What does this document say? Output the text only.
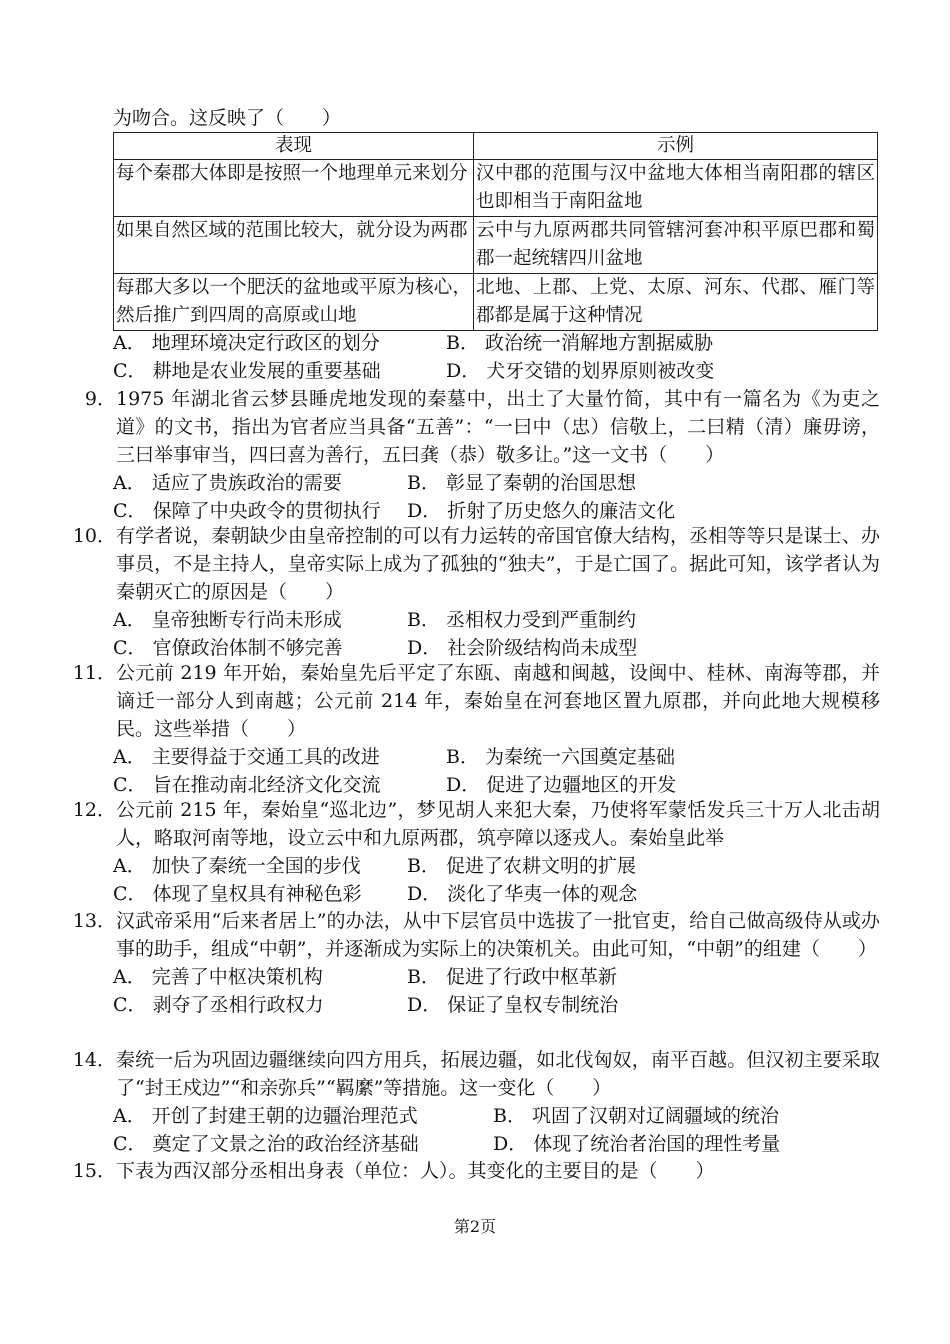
为吻合。这反映了（　　）
表现	示例
每个秦郡大体即是按照一个地理单元来划分	汉中郡的范围与汉中盆地大体相当南阳郡的辖区也即相当于南阳盆地
如果自然区域的范围比较大，就分设为两郡	云中与九原两郡共同管辖河套冲积平原巴郡和蜀郡一起统辖四川盆地
每郡大多以一个肥沃的盆地或平原为核心，然后推广到四周的高原或山地	北地、上郡、上党、太原、河东、代郡、雁门等郡都是属于这种情况
A． 地理环境决定行政区的划分	B． 政治统一消解地方割据威胁
C． 耕地是农业发展的重要基础	D． 犬牙交错的划界原则被改变
9． 1975 年湖北省云梦县睡虎地发现的秦墓中，出土了大量竹简，其中有一篇名为《为吏之道》的文书，指出为官者应当具备“五善”：“一曰中（忠）信敬上，二曰精（清）廉毋谤，三曰举事审当，四曰喜为善行，五曰龚（恭）敬多让。”这一文书（　　）
A． 适应了贵族政治的需要	B． 彰显了秦朝的治国思想
C． 保障了中央政令的贯彻执行 D． 折射了历史悠久的廉洁文化
10． 有学者说，秦朝缺少由皇帝控制的可以有力运转的帝国官僚大结构，丞相等等只是谋士、办事员，不是主持人，皇帝实际上成为了孤独的“独夫”，于是亡国了。据此可知，该学者认为秦朝灭亡的原因是（　　）
A． 皇帝独断专行尚未形成	B． 丞相权力受到严重制约
C． 官僚政治体制不够完善	D． 社会阶级结构尚未成型
11． 公元前 219 年开始，秦始皇先后平定了东瓯、南越和闽越，设闽中、桂林、南海等郡，并谪迁一部分人到南越；公元前 214 年，秦始皇在河套地区置九原郡，并向此地大规模移民。这些举措（　　）
A． 主要得益于交通工具的改进	B． 为秦统一六国奠定基础
C． 旨在推动南北经济文化交流	D． 促进了边疆地区的开发
12． 公元前 215 年，秦始皇“巡北边”，梦见胡人来犯大秦，乃使将军蒙恬发兵三十万人北击胡人，略取河南等地，设立云中和九原两郡，筑亭障以逐戎人。秦始皇此举
A． 加快了秦统一全国的步伐 B． 促进了农耕文明的扩展
C． 体现了皇权具有神秘色彩 D． 淡化了华夷一体的观念
13． 汉武帝采用“后来者居上”的办法，从中下层官员中选拔了一批官吏，给自己做高级侍从或办事的助手，组成“中朝”，并逐渐成为实际上的决策机关。由此可知，“中朝”的组建（　　）
A． 完善了中枢决策机构	B． 促进了行政中枢革新
C． 剥夺了丞相行政权力	D． 保证了皇权专制统治
14． 秦统一后为巩固边疆继续向四方用兵，拓展边疆，如北伐匈奴，南平百越。但汉初主要采取了“封王戍边”“和亲弥兵”“羁縻”等措施。这一变化（　　）
A． 开创了封建王朝的边疆治理范式	B． 巩固了汉朝对辽阔疆域的统治
C． 奠定了文景之治的政治经济基础	D． 体现了统治者治国的理性考量
15． 下表为西汉部分丞相出身表（单位：人）。其变化的主要目的是（　　）
第2页
